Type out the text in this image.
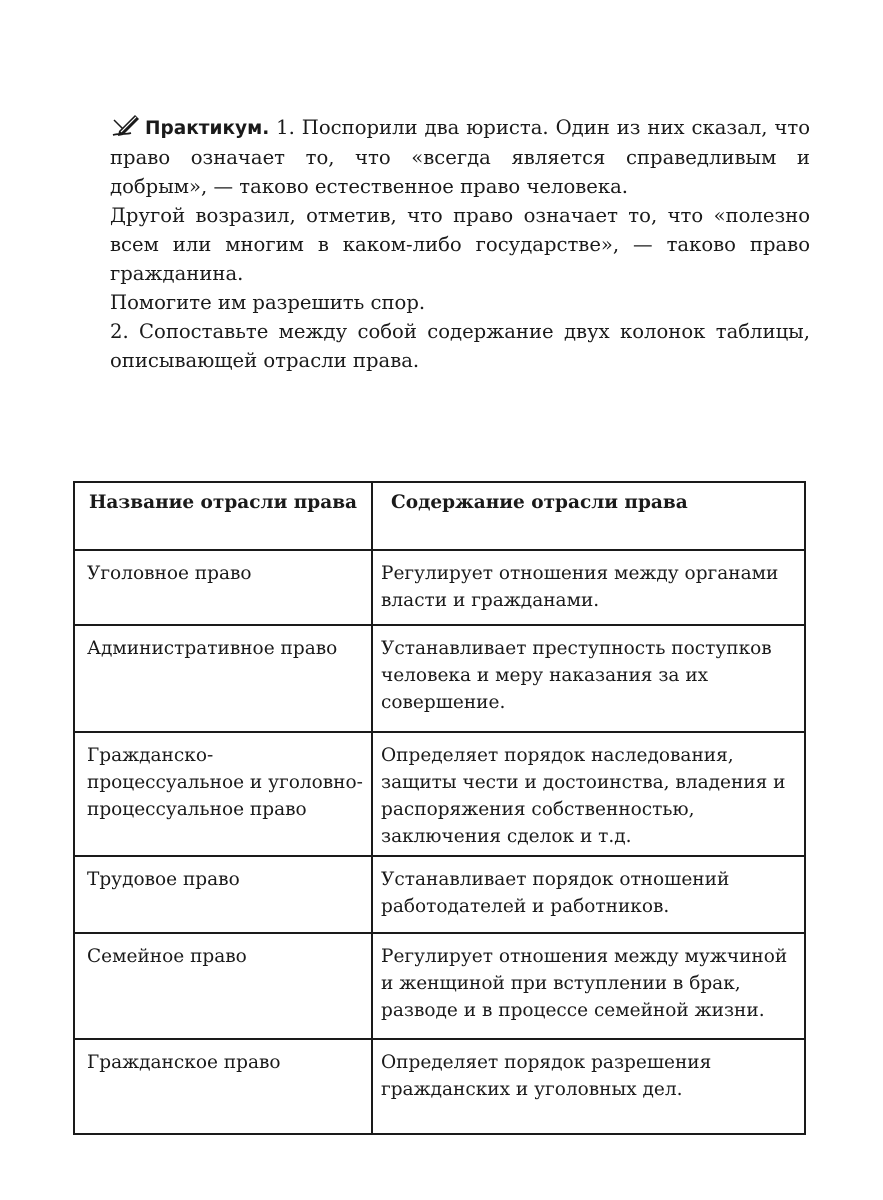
Практикум. 1. Поспорили два юриста. Один из них сказал, что право означает то, что «всегда является справедливым и добрым», — таково естественное право человека.

Другой возразил, отметив, что право означает то, что «полезно всем или многим в каком-либо государстве», — таково право гражданина.

Помогите им разрешить спор.

2. Сопоставьте между собой содержание двух колонок таблицы, описывающей отрасли права.

Название отрасли права	Содержание отрасли права
Уголовное право	Регулирует отношения между органами власти и гражданами.
Административное право	Устанавливает преступность поступков человека и меру наказания за их совершение.
Гражданско-процессуальное и уголовно-процессуальное право	Определяет порядок наследования, защиты чести и достоинства, владения и распоряжения собственностью, заключения сделок и т.д.
Трудовое право	Устанавливает порядок отношений работодателей и работников.
Семейное право	Регулирует отношения между мужчиной и женщиной при вступлении в брак, разводе и в процессе семейной жизни.
Гражданское право	Определяет порядок разрешения гражданских и уголовных дел.
